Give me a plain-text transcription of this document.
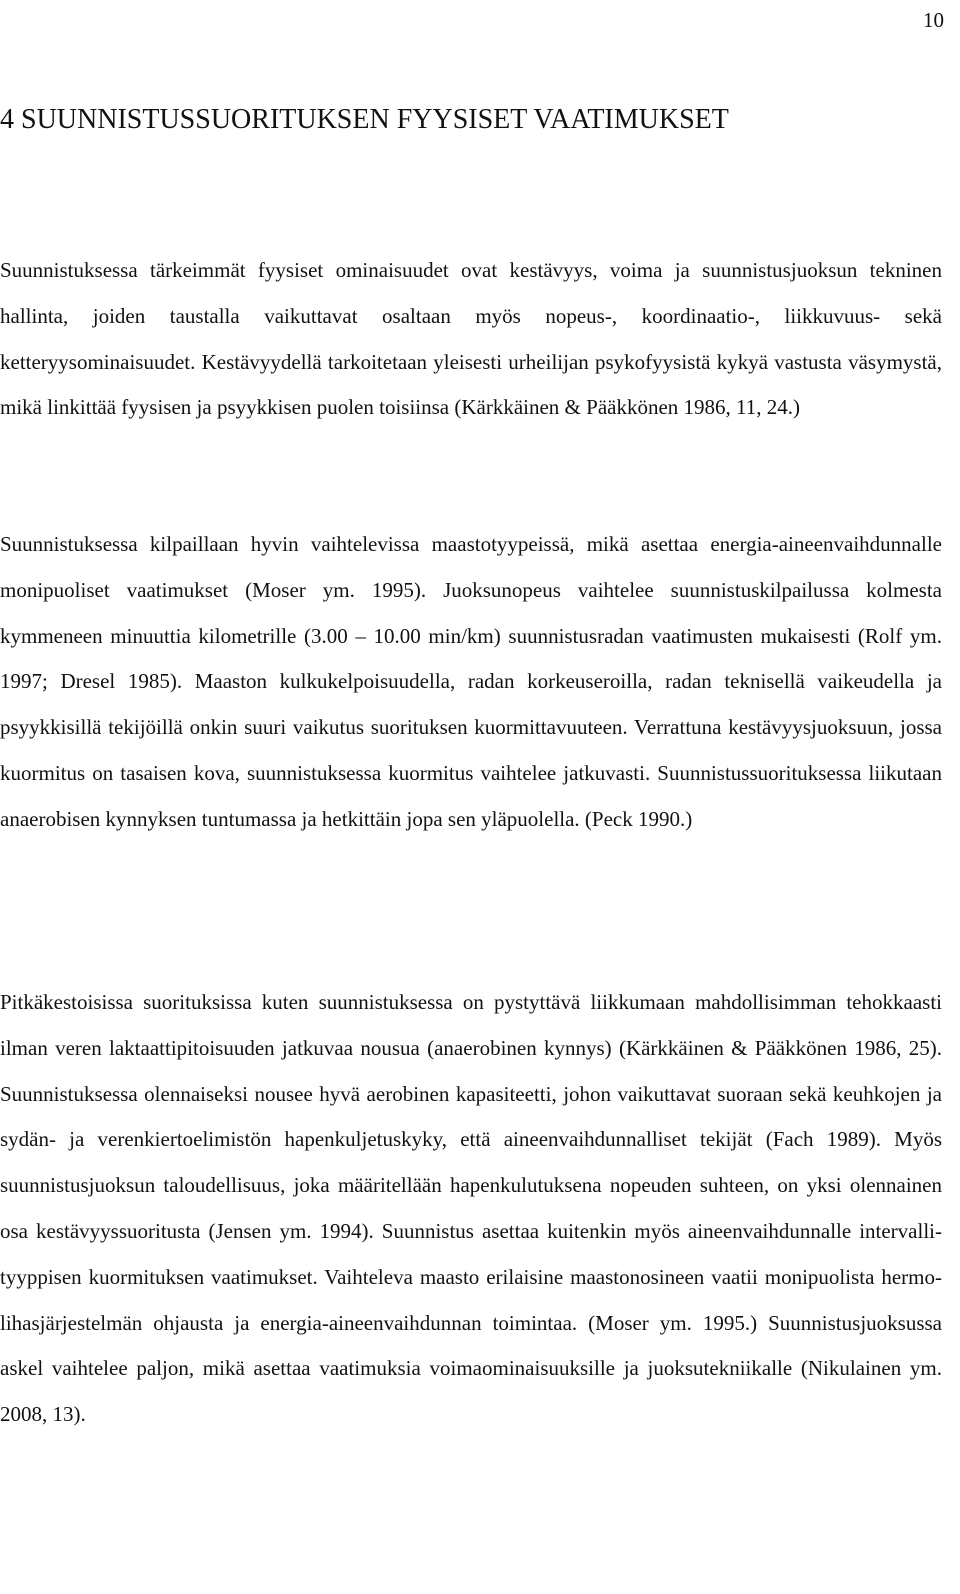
10
4 SUUNNISTUSSUORITUKSEN FYYSISET VAATIMUKSET

Suunnistuksessa tärkeimmät fyysiset ominaisuudet ovat kestävyys, voima ja suunnistusjuoksun tekninen hallinta, joiden taustalla vaikuttavat osaltaan myös nopeus-, koordinaatio-, liikkuvuus- sekä ketteryysominaisuudet. Kestävyydellä tarkoitetaan yleisesti urheilijan psykofyysistä kykyä vastusta väsymystä, mikä linkittää fyysisen ja psyykkisen puolen toisiinsa (Kärkkäinen & Pääkkönen 1986, 11, 24.)

Suunnistuksessa kilpaillaan hyvin vaihtelevissa maastotyypeissä, mikä asettaa energia-aineenvaihdunnalle monipuoliset vaatimukset (Moser ym. 1995). Juoksunopeus vaihtelee suunnistuskilpailussa kolmesta kymmeneen minuuttia kilometrille (3.00 – 10.00 min/km) suunnistusradan vaatimusten mukaisesti (Rolf ym. 1997; Dresel 1985). Maaston kulkukelpoisuudella, radan korkeuseroilla, radan teknisellä vaikeudella ja psyykkisillä tekijöillä onkin suuri vaikutus suorituksen kuormittavuuteen. Verrattuna kestävyysjuoksuun, jossa kuormitus on tasaisen kova, suunnistuksessa kuormitus vaihtelee jatkuvasti. Suunnistussuorituksessa liikutaan anaerobisen kynnyksen tuntumassa ja hetkittäin jopa sen yläpuolella. (Peck 1990.)

Pitkäkestoisissa suorituksissa kuten suunnistuksessa on pystyttävä liikkumaan mahdollisimman tehokkaasti ilman veren laktaattipitoisuuden jatkuvaa nousua (anaerobinen kynnys) (Kärkkäinen & Pääkkönen 1986, 25). Suunnistuksessa olennaiseksi nousee hyvä aerobinen kapasiteetti, johon vaikuttavat suoraan sekä keuhkojen ja sydän- ja verenkiertoelimistön hapenkuljetuskyky, että aineenvaihdunnalliset tekijät (Fach 1989). Myös suunnistusjuoksun taloudellisuus, joka määritellään hapenkulutuksena nopeuden suhteen, on yksi olennainen osa kestävyyssuoritusta (Jensen ym. 1994). Suunnistus asettaa kuitenkin myös aineenvaihdunnalle intervalli-tyyppisen kuormituksen vaatimukset. Vaihteleva maasto erilaisine maastonosineen vaatii monipuolista hermo-lihasjärjestelmän ohjausta ja energia-aineenvaihdunnan toimintaa. (Moser ym. 1995.) Suunnistusjuoksussa askel vaihtelee paljon, mikä asettaa vaatimuksia voimaominaisuuksille ja juoksutekniikalle (Nikulainen ym. 2008, 13).
